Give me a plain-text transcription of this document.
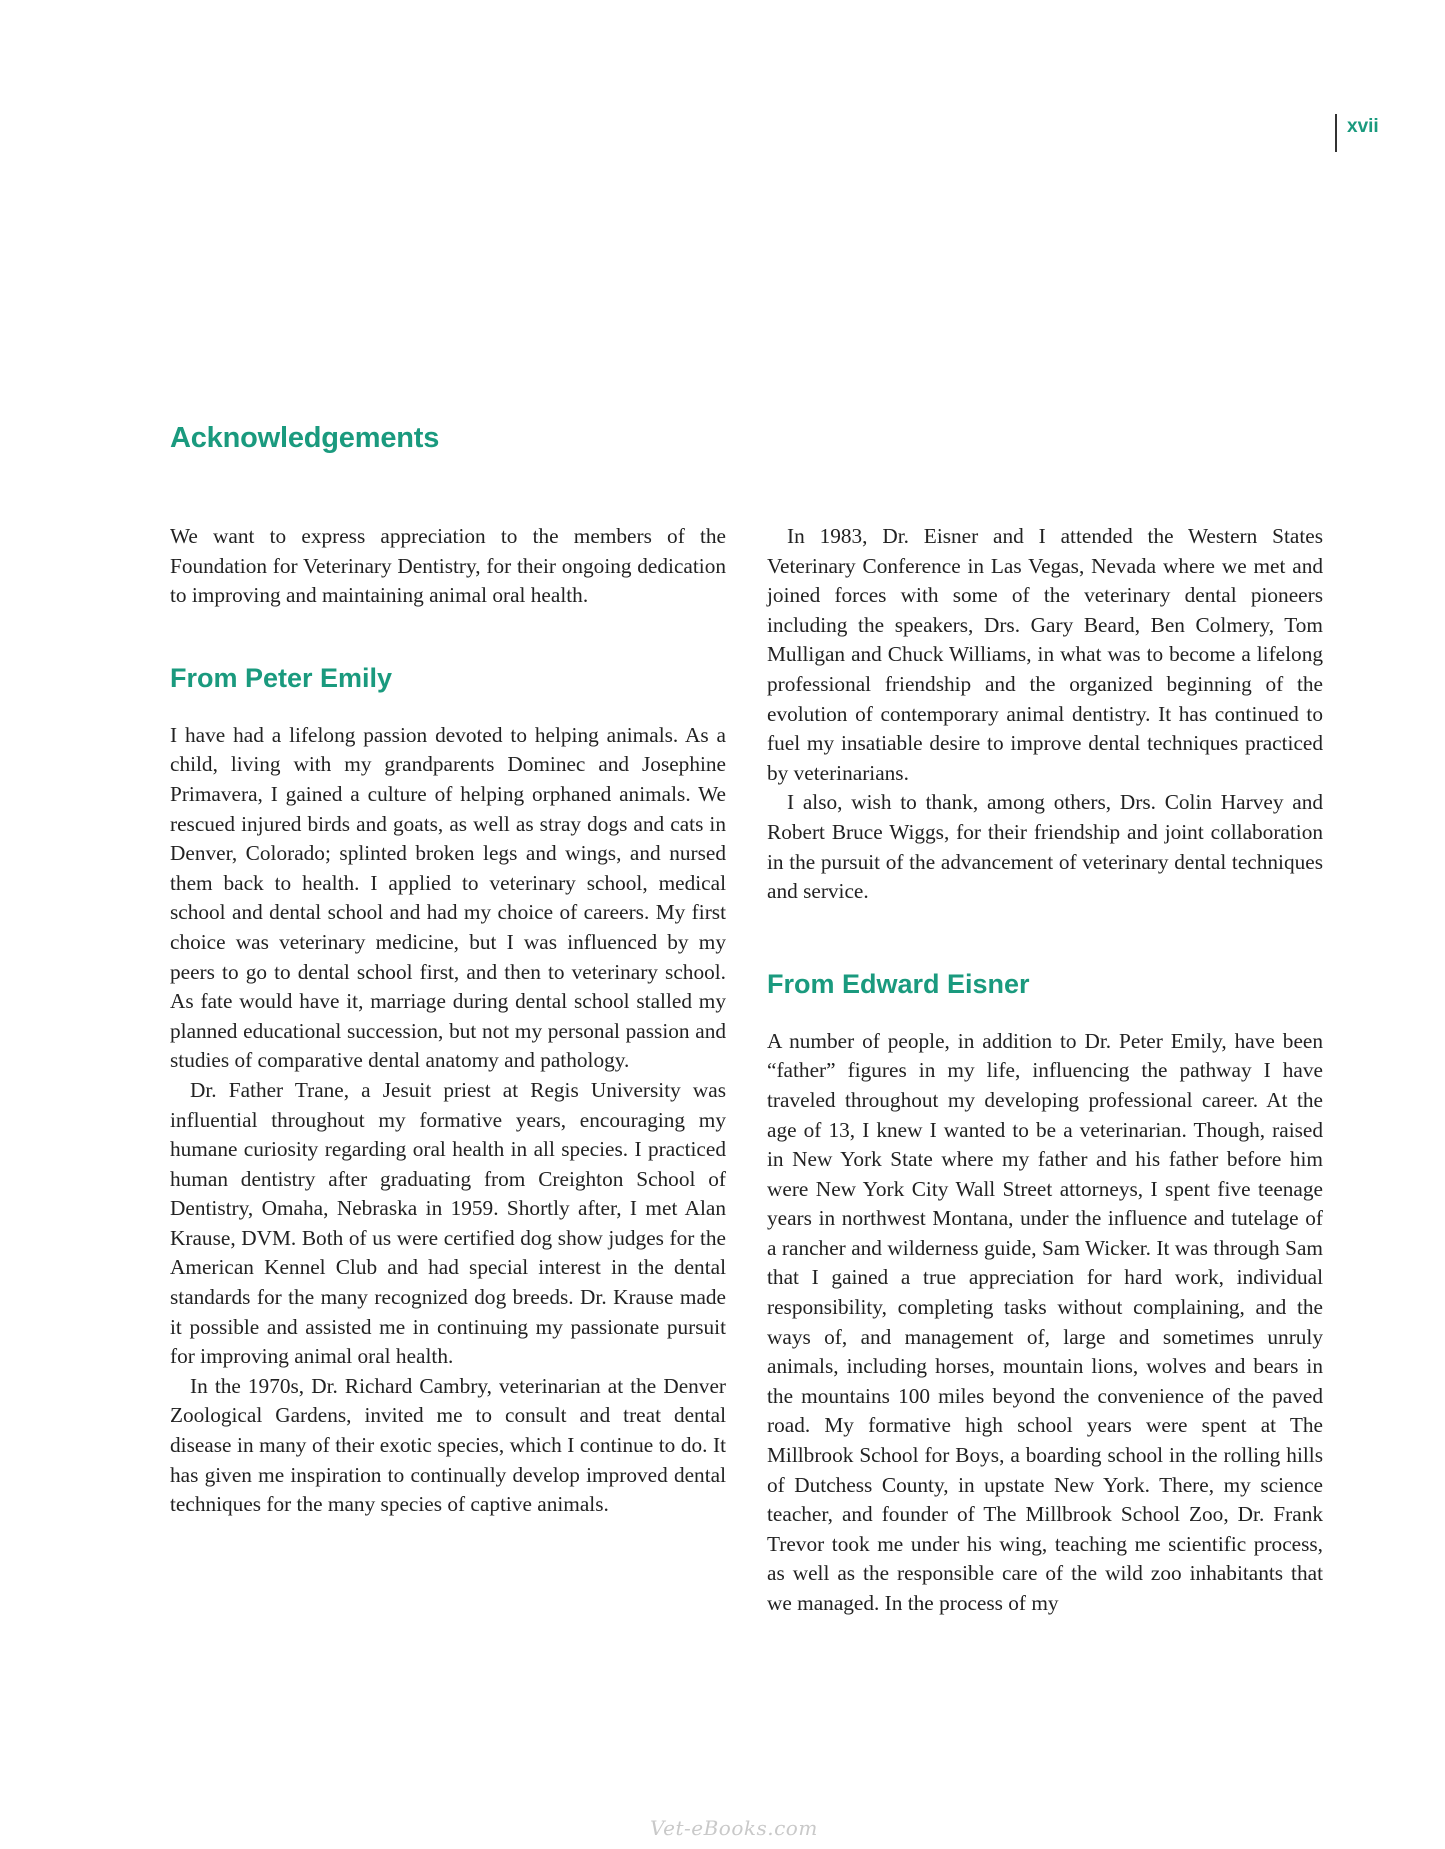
xvii
Acknowledgements

We want to express appreciation to the members of the Foundation for Veterinary Dentistry, for their ongoing dedication to improving and maintaining animal oral health.

From Peter Emily

I have had a lifelong passion devoted to helping animals. As a child, living with my grandparents Dominec and Josephine Primavera, I gained a culture of helping orphaned animals. We rescued injured birds and goats, as well as stray dogs and cats in Denver, Colorado; splinted broken legs and wings, and nursed them back to health. I applied to veterinary school, medical school and dental school and had my choice of careers. My first choice was veterinary medicine, but I was influenced by my peers to go to dental school first, and then to veterinary school. As fate would have it, marriage during dental school stalled my planned educational succession, but not my personal passion and studies of comparative dental anatomy and pathology.

Dr. Father Trane, a Jesuit priest at Regis University was influential throughout my formative years, encouraging my humane curiosity regarding oral health in all species. I practiced human dentistry after graduating from Creighton School of Dentistry, Omaha, Nebraska in 1959. Shortly after, I met Alan Krause, DVM. Both of us were certified dog show judges for the American Kennel Club and had special interest in the dental standards for the many recognized dog breeds. Dr. Krause made it possible and assisted me in continuing my passionate pursuit for improving animal oral health.

In the 1970s, Dr. Richard Cambry, veterinarian at the Denver Zoological Gardens, invited me to consult and treat dental disease in many of their exotic species, which I continue to do. It has given me inspiration to continually develop improved dental techniques for the many species of captive animals.

In 1983, Dr. Eisner and I attended the Western States Veterinary Conference in Las Vegas, Nevada where we met and joined forces with some of the veterinary dental pioneers including the speakers, Drs. Gary Beard, Ben Colmery, Tom Mulligan and Chuck Williams, in what was to become a lifelong professional friendship and the organized beginning of the evolution of contemporary animal dentistry. It has continued to fuel my insatiable desire to improve dental techniques practiced by veterinarians.

I also, wish to thank, among others, Drs. Colin Harvey and Robert Bruce Wiggs, for their friendship and joint collaboration in the pursuit of the advancement of veterinary dental techniques and service.

From Edward Eisner

A number of people, in addition to Dr. Peter Emily, have been “father” figures in my life, influencing the pathway I have traveled throughout my developing professional career. At the age of 13, I knew I wanted to be a veterinarian. Though, raised in New York State where my father and his father before him were New York City Wall Street attorneys, I spent five teenage years in northwest Montana, under the influence and tutelage of a rancher and wilderness guide, Sam Wicker. It was through Sam that I gained a true appreciation for hard work, individual responsibility, completing tasks without complaining, and the ways of, and management of, large and sometimes unruly animals, including horses, mountain lions, wolves and bears in the mountains 100 miles beyond the convenience of the paved road. My formative high school years were spent at The Millbrook School for Boys, a boarding school in the rolling hills of Dutchess County, in upstate New York. There, my science teacher, and founder of The Millbrook School Zoo, Dr. Frank Trevor took me under his wing, teaching me scientific process, as well as the responsible care of the wild zoo inhabitants that we managed. In the process of my

Vet-eBooks.com
